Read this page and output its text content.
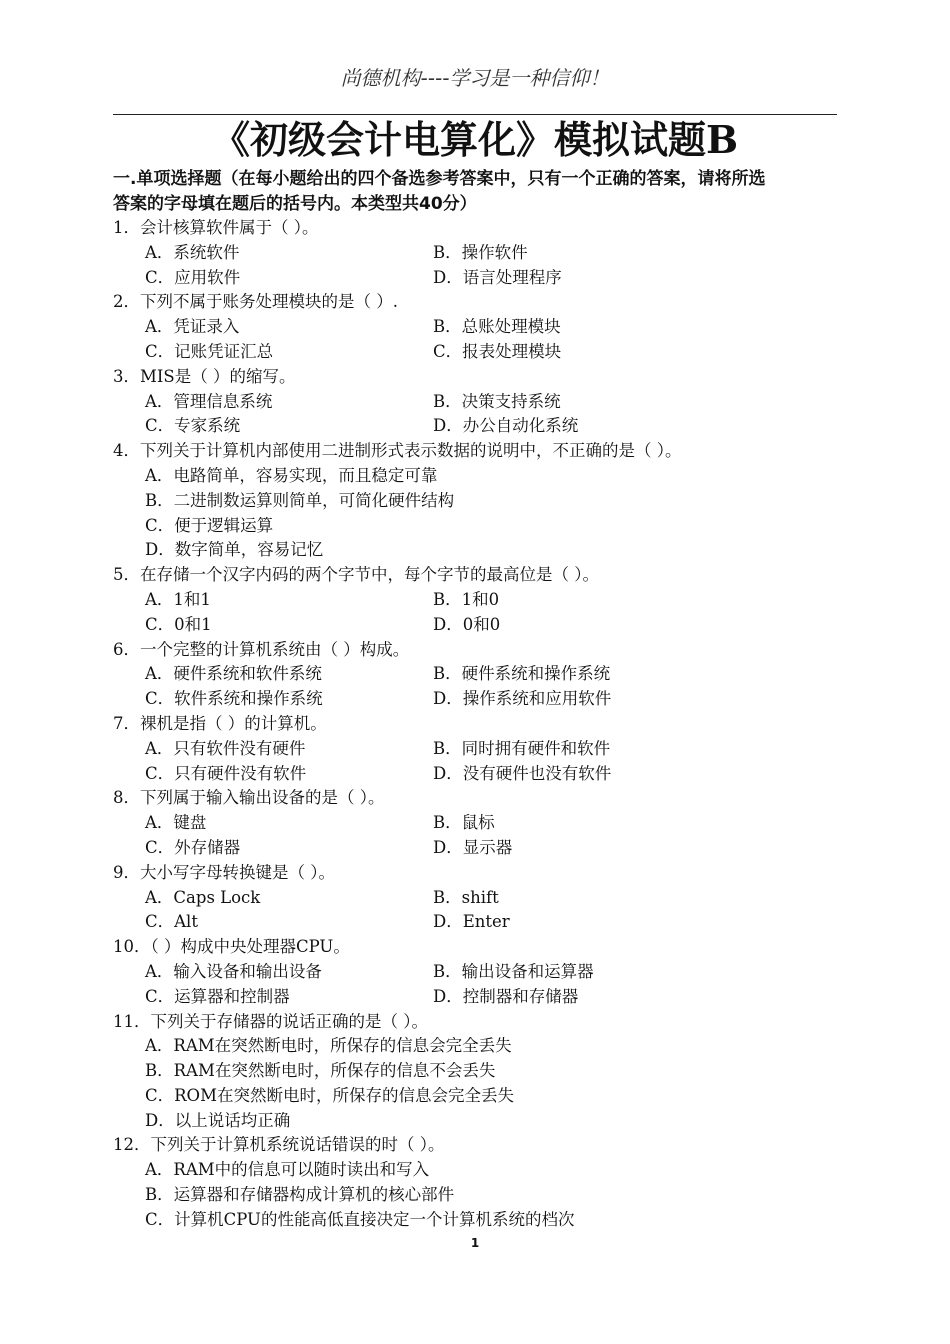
尚德机构----学习是一种信仰！
《初级会计电算化》模拟试题B
一.单项选择题（在每小题给出的四个备选参考答案中，只有一个正确的答案，请将所选
答案的字母填在题后的括号内。本类型共40分）
1．会计核算软件属于（ ）。
A．系统软件	B．操作软件
C．应用软件	D．语言处理程序
2．下列不属于账务处理模块的是（ ）.
A．凭证录入	B．总账处理模块
C．记账凭证汇总	C．报表处理模块
3．MIS是（ ）的缩写。
A．管理信息系统	B．决策支持系统
C．专家系统	D．办公自动化系统
4．下列关于计算机内部使用二进制形式表示数据的说明中，不正确的是（ ）。
A．电路简单，容易实现，而且稳定可靠
B．二进制数运算则简单，可简化硬件结构
C．便于逻辑运算
D．数字简单，容易记忆
5．在存储一个汉字内码的两个字节中，每个字节的最高位是（ ）。
A．1和1	B．1和0
C．0和1	D．0和0
6．一个完整的计算机系统由（ ）构成。
A．硬件系统和软件系统	B．硬件系统和操作系统
C．软件系统和操作系统	D．操作系统和应用软件
7．裸机是指（ ）的计算机。
A．只有软件没有硬件	B．同时拥有硬件和软件
C．只有硬件没有软件	D．没有硬件也没有软件
8．下列属于输入输出设备的是（ ）。
A．键盘	B．鼠标
C．外存储器	D．显示器
9．大小写字母转换键是（ ）。
A．Caps Lock	B．shift
C．Alt	D．Enter
10．（ ）构成中央处理器CPU。
A．输入设备和输出设备	B．输出设备和运算器
C．运算器和控制器	D．控制器和存储器
11．下列关于存储器的说话正确的是（ ）。
A．RAM在突然断电时，所保存的信息会完全丢失
B．RAM在突然断电时，所保存的信息不会丢失
C．ROM在突然断电时，所保存的信息会完全丢失
D．以上说话均正确
12．下列关于计算机系统说话错误的时（ ）。
A．RAM中的信息可以随时读出和写入
B．运算器和存储器构成计算机的核心部件
C．计算机CPU的性能高低直接决定一个计算机系统的档次
1
